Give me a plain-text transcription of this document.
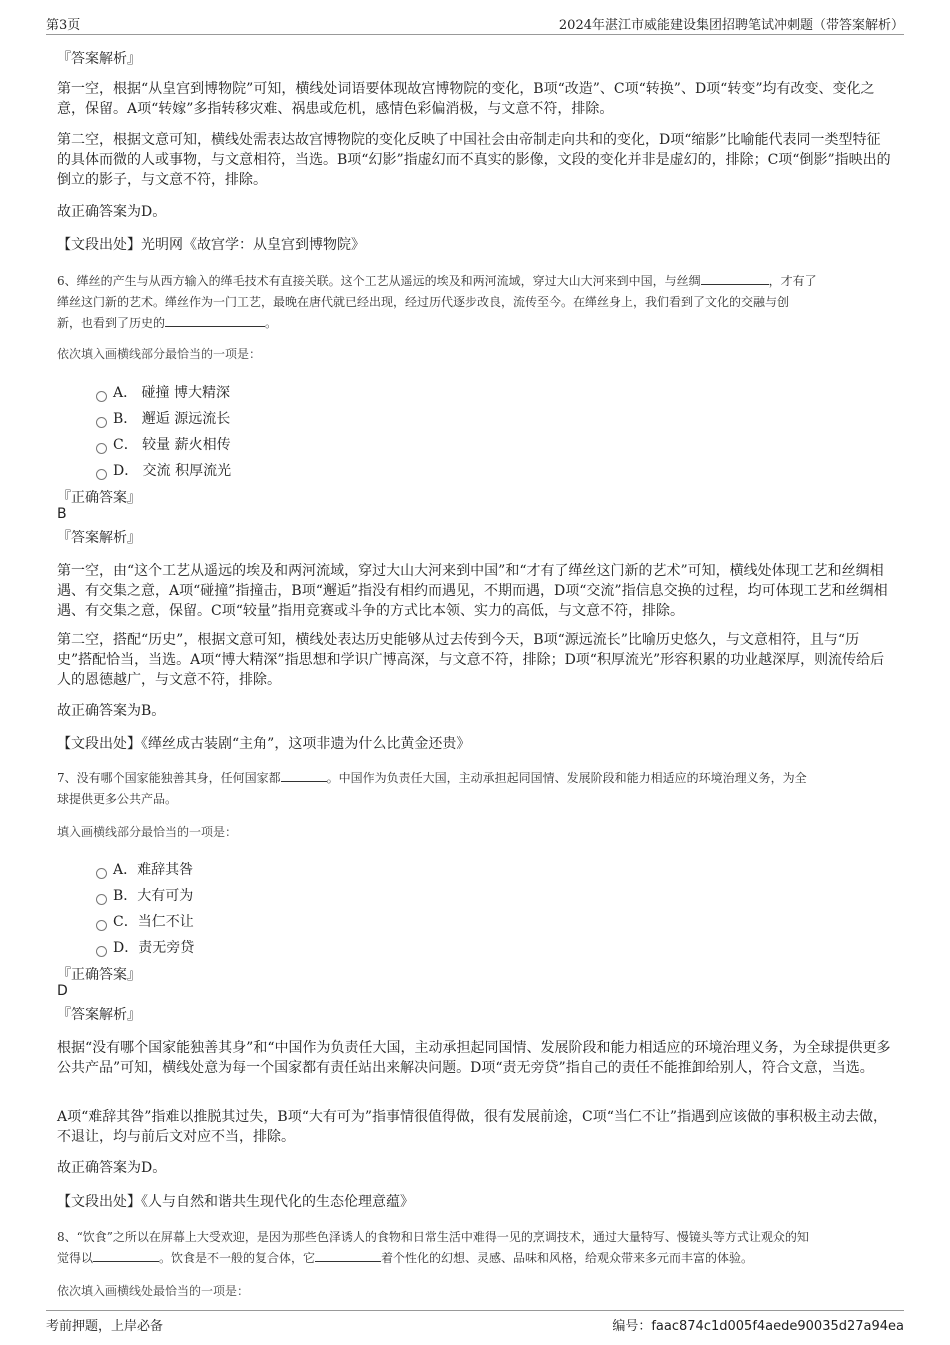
第3页	2024年湛江市威能建设集团招聘笔试冲刺题（带答案解析）
『答案解析』
第一空，根据“从皇宫到博物院”可知，横线处词语要体现故宫博物院的变化，B项“改造”、C项“转换”、D项“转变”均有改变、变化之意，保留。A项“转嫁”多指转移灾难、祸患或危机，感情色彩偏消极，与文意不符，排除。
第二空，根据文意可知，横线处需表达故宫博物院的变化反映了中国社会由帝制走向共和的变化，D项“缩影”比喻能代表同一类型特征的具体而微的人或事物，与文意相符，当选。B项“幻影”指虚幻而不真实的影像，文段的变化并非是虚幻的，排除；C项“倒影”指映出的倒立的影子，与文意不符，排除。
故正确答案为D。
【文段出处】光明网《故宫学：从皇宫到博物院》
6、缂丝的产生与从西方输入的缂毛技术有直接关联。这个工艺从遥远的埃及和两河流域，穿过大山大河来到中国，与丝绸	，才有了
缂丝这门新的艺术。缂丝作为一门工艺，最晚在唐代就已经出现，经过历代逐步改良，流传至今。在缂丝身上，我们看到了文化的交融与创
新，也看到了历史的	。
依次填入画横线部分最恰当的一项是：
A． 碰撞 博大精深
B． 邂逅 源远流长
C． 较量 薪火相传
D． 交流 积厚流光
『正确答案』
B
『答案解析』
第一空，由“这个工艺从遥远的埃及和两河流域，穿过大山大河来到中国”和“才有了缂丝这门新的艺术”可知，横线处体现工艺和丝绸相遇、有交集之意，A项“碰撞”指撞击，B项“邂逅”指没有相约而遇见，不期而遇，D项“交流”指信息交换的过程，均可体现工艺和丝绸相遇、有交集之意，保留。C项“较量”指用竞赛或斗争的方式比本领、实力的高低，与文意不符，排除。
第二空，搭配“历史”，根据文意可知，横线处表达历史能够从过去传到今天，B项“源远流长”比喻历史悠久，与文意相符，且与“历史”搭配恰当，当选。A项“博大精深”指思想和学识广博高深，与文意不符，排除；D项“积厚流光”形容积累的功业越深厚，则流传给后人的恩德越广，与文意不符，排除。
故正确答案为B。
【文段出处】《缂丝成古装剧“主角”，这项非遗为什么比黄金还贵》
7、没有哪个国家能独善其身，任何国家都	。中国作为负责任大国，主动承担起同国情、发展阶段和能力相适应的环境治理义务，为全
球提供更多公共产品。
填入画横线部分最恰当的一项是：
A．难辞其咎
B．大有可为
C．当仁不让
D．责无旁贷
『正确答案』
D
『答案解析』
根据“没有哪个国家能独善其身”和“中国作为负责任大国，主动承担起同国情、发展阶段和能力相适应的环境治理义务，为全球提供更多公共产品”可知，横线处意为每一个国家都有责任站出来解决问题。D项“责无旁贷”指自己的责任不能推卸给别人，符合文意，当选。
A项“难辞其咎”指难以推脱其过失，B项“大有可为”指事情很值得做，很有发展前途，C项“当仁不让”指遇到应该做的事积极主动去做，不退让，均与前后文对应不当，排除。
故正确答案为D。
【文段出处】《人与自然和谐共生现代化的生态伦理意蕴》
8、“饮食”之所以在屏幕上大受欢迎，是因为那些色泽诱人的食物和日常生活中难得一见的烹调技术，通过大量特写、慢镜头等方式让观众的知
觉得以	。饮食是不一般的复合体，它	着个性化的幻想、灵感、品味和风格，给观众带来多元而丰富的体验。
依次填入画横线处最恰当的一项是：
考前押题，上岸必备	编号：faac874c1d005f4aede90035d27a94ea
